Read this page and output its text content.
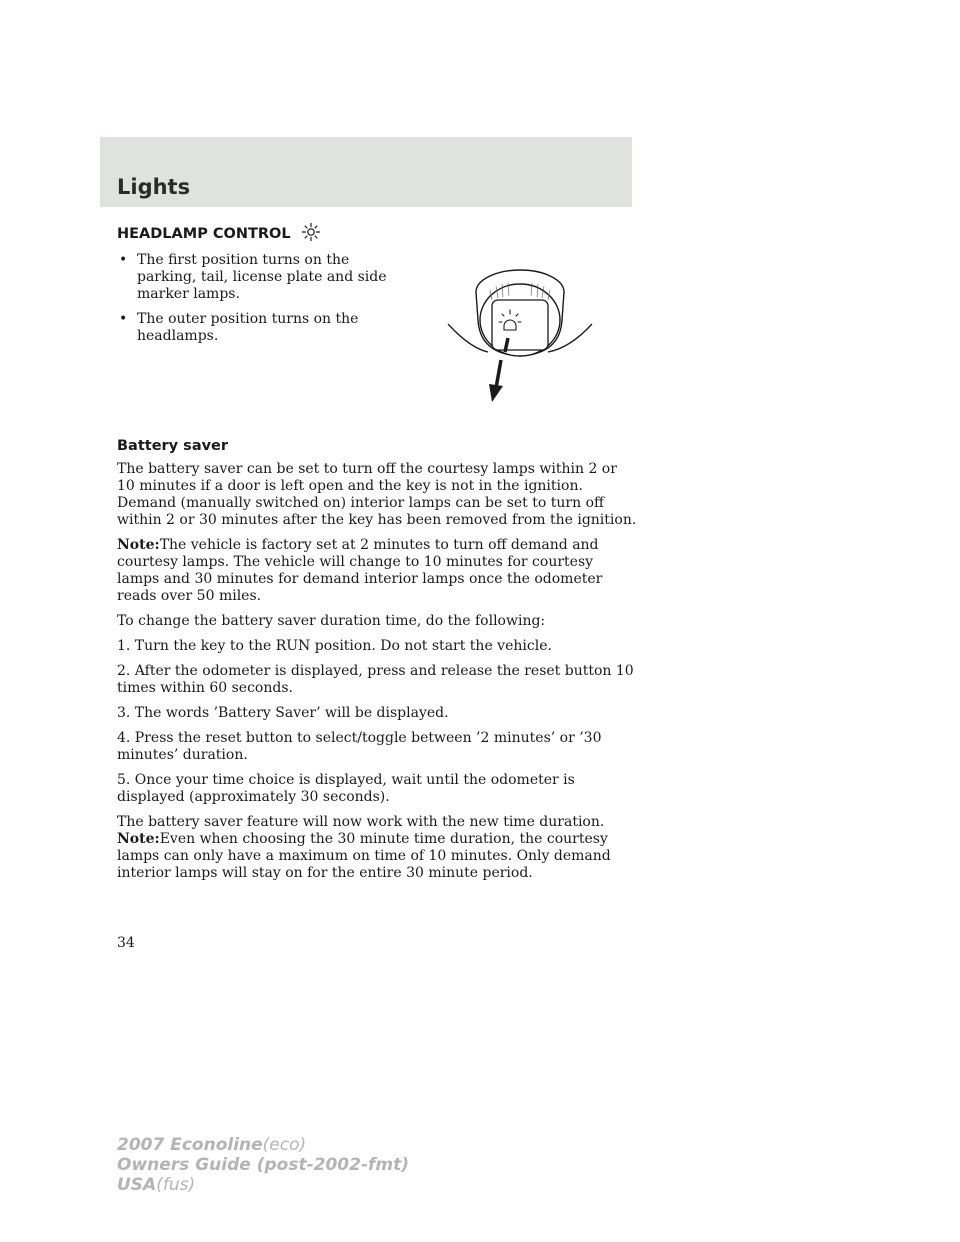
Lights
HEADLAMP CONTROL
• The first position turns on the parking, tail, license plate and side marker lamps.
• The outer position turns on the headlamps.
Battery saver

The battery saver can be set to turn off the courtesy lamps within 2 or 10 minutes if a door is left open and the key is not in the ignition. Demand (manually switched on) interior lamps can be set to turn off within 2 or 30 minutes after the key has been removed from the ignition.

Note:The vehicle is factory set at 2 minutes to turn off demand and courtesy lamps. The vehicle will change to 10 minutes for courtesy lamps and 30 minutes for demand interior lamps once the odometer reads over 50 miles.

To change the battery saver duration time, do the following:

1. Turn the key to the RUN position. Do not start the vehicle.

2. After the odometer is displayed, press and release the reset button 10 times within 60 seconds.

3. The words ’Battery Saver’ will be displayed.

4. Press the reset button to select/toggle between ’2 minutes’ or ’30 minutes’ duration.

5. Once your time choice is displayed, wait until the odometer is displayed (approximately 30 seconds).

The battery saver feature will now work with the new time duration.

Note:Even when choosing the 30 minute time duration, the courtesy lamps can only have a maximum on time of 10 minutes. Only demand interior lamps will stay on for the entire 30 minute period.

34
2007 Econoline(eco)
Owners Guide (post-2002-fmt)
USA(fus)
